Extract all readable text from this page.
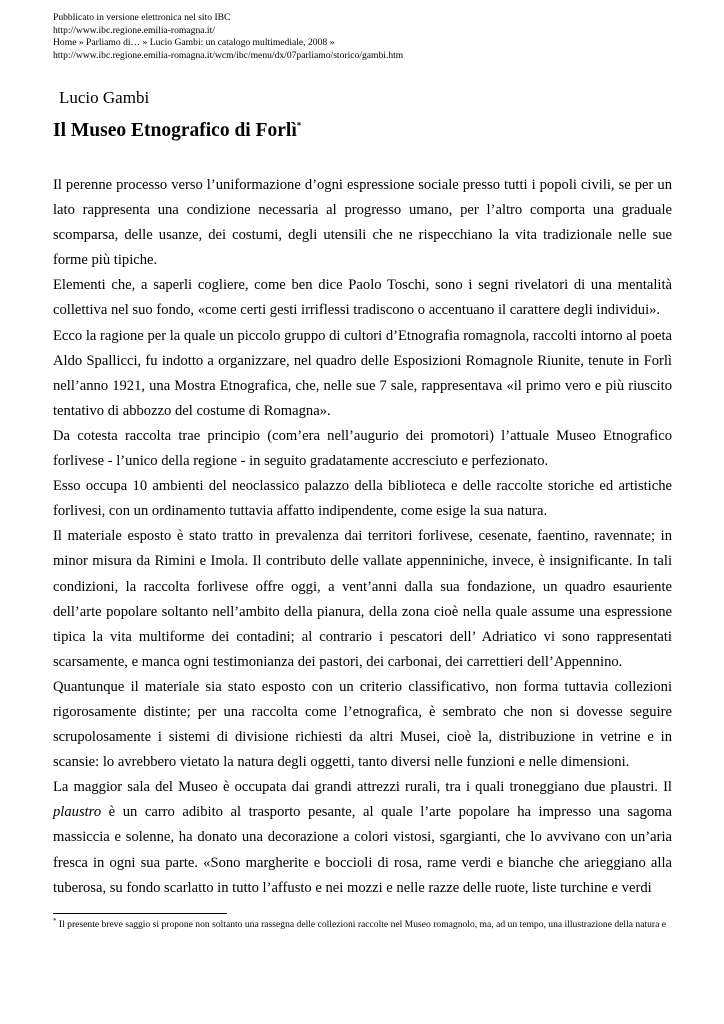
Pubblicato in versione elettronica nel sito IBC
http://www.ibc.regione.emilia-romagna.it/
Home » Parliamo di… » Lucio Gambi: un catalogo multimediale, 2008 »
http://www.ibc.regione.emilia-romagna.it/wcm/ibc/menu/dx/07parliamo/storico/gambi.htm
Lucio Gambi
Il Museo Etnografico di Forlì*

Il perenne processo verso l’uniformazione d’ogni espressione sociale presso tutti i popoli civili, se per un lato rappresenta una condizione necessaria al progresso umano, per l’altro comporta una graduale scomparsa, delle usanze, dei costumi, degli utensili che ne rispecchiano la vita tradizionale nelle sue forme più tipiche.

Elementi che, a saperli cogliere, come ben dice Paolo Toschi, sono i segni rivelatori di una mentalità collettiva nel suo fondo, «come certi gesti irriflessi tradiscono o accentuano il carattere degli individui».

Ecco la ragione per la quale un piccolo gruppo di cultori d’Etnografia romagnola, raccolti intorno al poeta Aldo Spallicci, fu indotto a organizzare, nel quadro delle Esposizioni Romagnole Riunite, tenute in Forlì nell’anno 1921, una Mostra Etnografica, che, nelle sue 7 sale, rappresentava «il primo vero e più riuscito tentativo di abbozzo del costume di Romagna».

Da cotesta raccolta trae principio (com’era nell’augurio dei promotori) l’attuale Museo Etnografico forlivese - l’unico della regione - in seguito gradatamente accresciuto e perfezionato.

Esso occupa 10 ambienti del neoclassico palazzo della biblioteca e delle raccolte storiche ed artistiche forlivesi, con un ordinamento tuttavia affatto indipendente, come esige la sua natura.

Il materiale esposto è stato tratto in prevalenza dai territori forlivese, cesenate, faentino, ravennate; in minor misura da Rimini e Imola. Il contributo delle vallate appenniniche, invece, è insignificante. In tali condizioni, la raccolta forlivese offre oggi, a vent’anni dalla sua fondazione, un quadro esauriente dell’arte popolare soltanto nell’ambito della pianura, della zona cioè nella quale assume una espressione tipica la vita multiforme dei contadini; al contrario i pescatori dell’ Adriatico vi sono rappresentati scarsamente, e manca ogni testimonianza dei pastori, dei carbonai, dei carrettieri dell’Appennino.

Quantunque il materiale sia stato esposto con un criterio classificativo, non forma tuttavia collezioni rigorosamente distinte; per una raccolta come l’etnografica, è sembrato che non si dovesse seguire scrupolosamente i sistemi di divisione richiesti da altri Musei, cioè la, distribuzione in vetrine e in scansie: lo avrebbero vietato la natura degli oggetti, tanto diversi nelle funzioni e nelle dimensioni.

La maggior sala del Museo è occupata dai grandi attrezzi rurali, tra i quali troneggiano due plaustri. Il plaustro è un carro adibito al trasporto pesante, al quale l’arte popolare ha impresso una sagoma massiccia e solenne, ha donato una decorazione a colori vistosi, sgargianti, che lo avvivano con un’aria fresca in ogni sua parte. «Sono margherite e boccioli di rosa, rame verdi e bianche che arieggiano alla tuberosa, su fondo scarlatto in tutto l’affusto e nei mozzi e nelle razze delle ruote, liste turchine e verdi

* Il presente breve saggio si propone non soltanto una rassegna delle collezioni raccolte nel Museo romagnolo, ma, ad un tempo, una illustrazione della natura e
